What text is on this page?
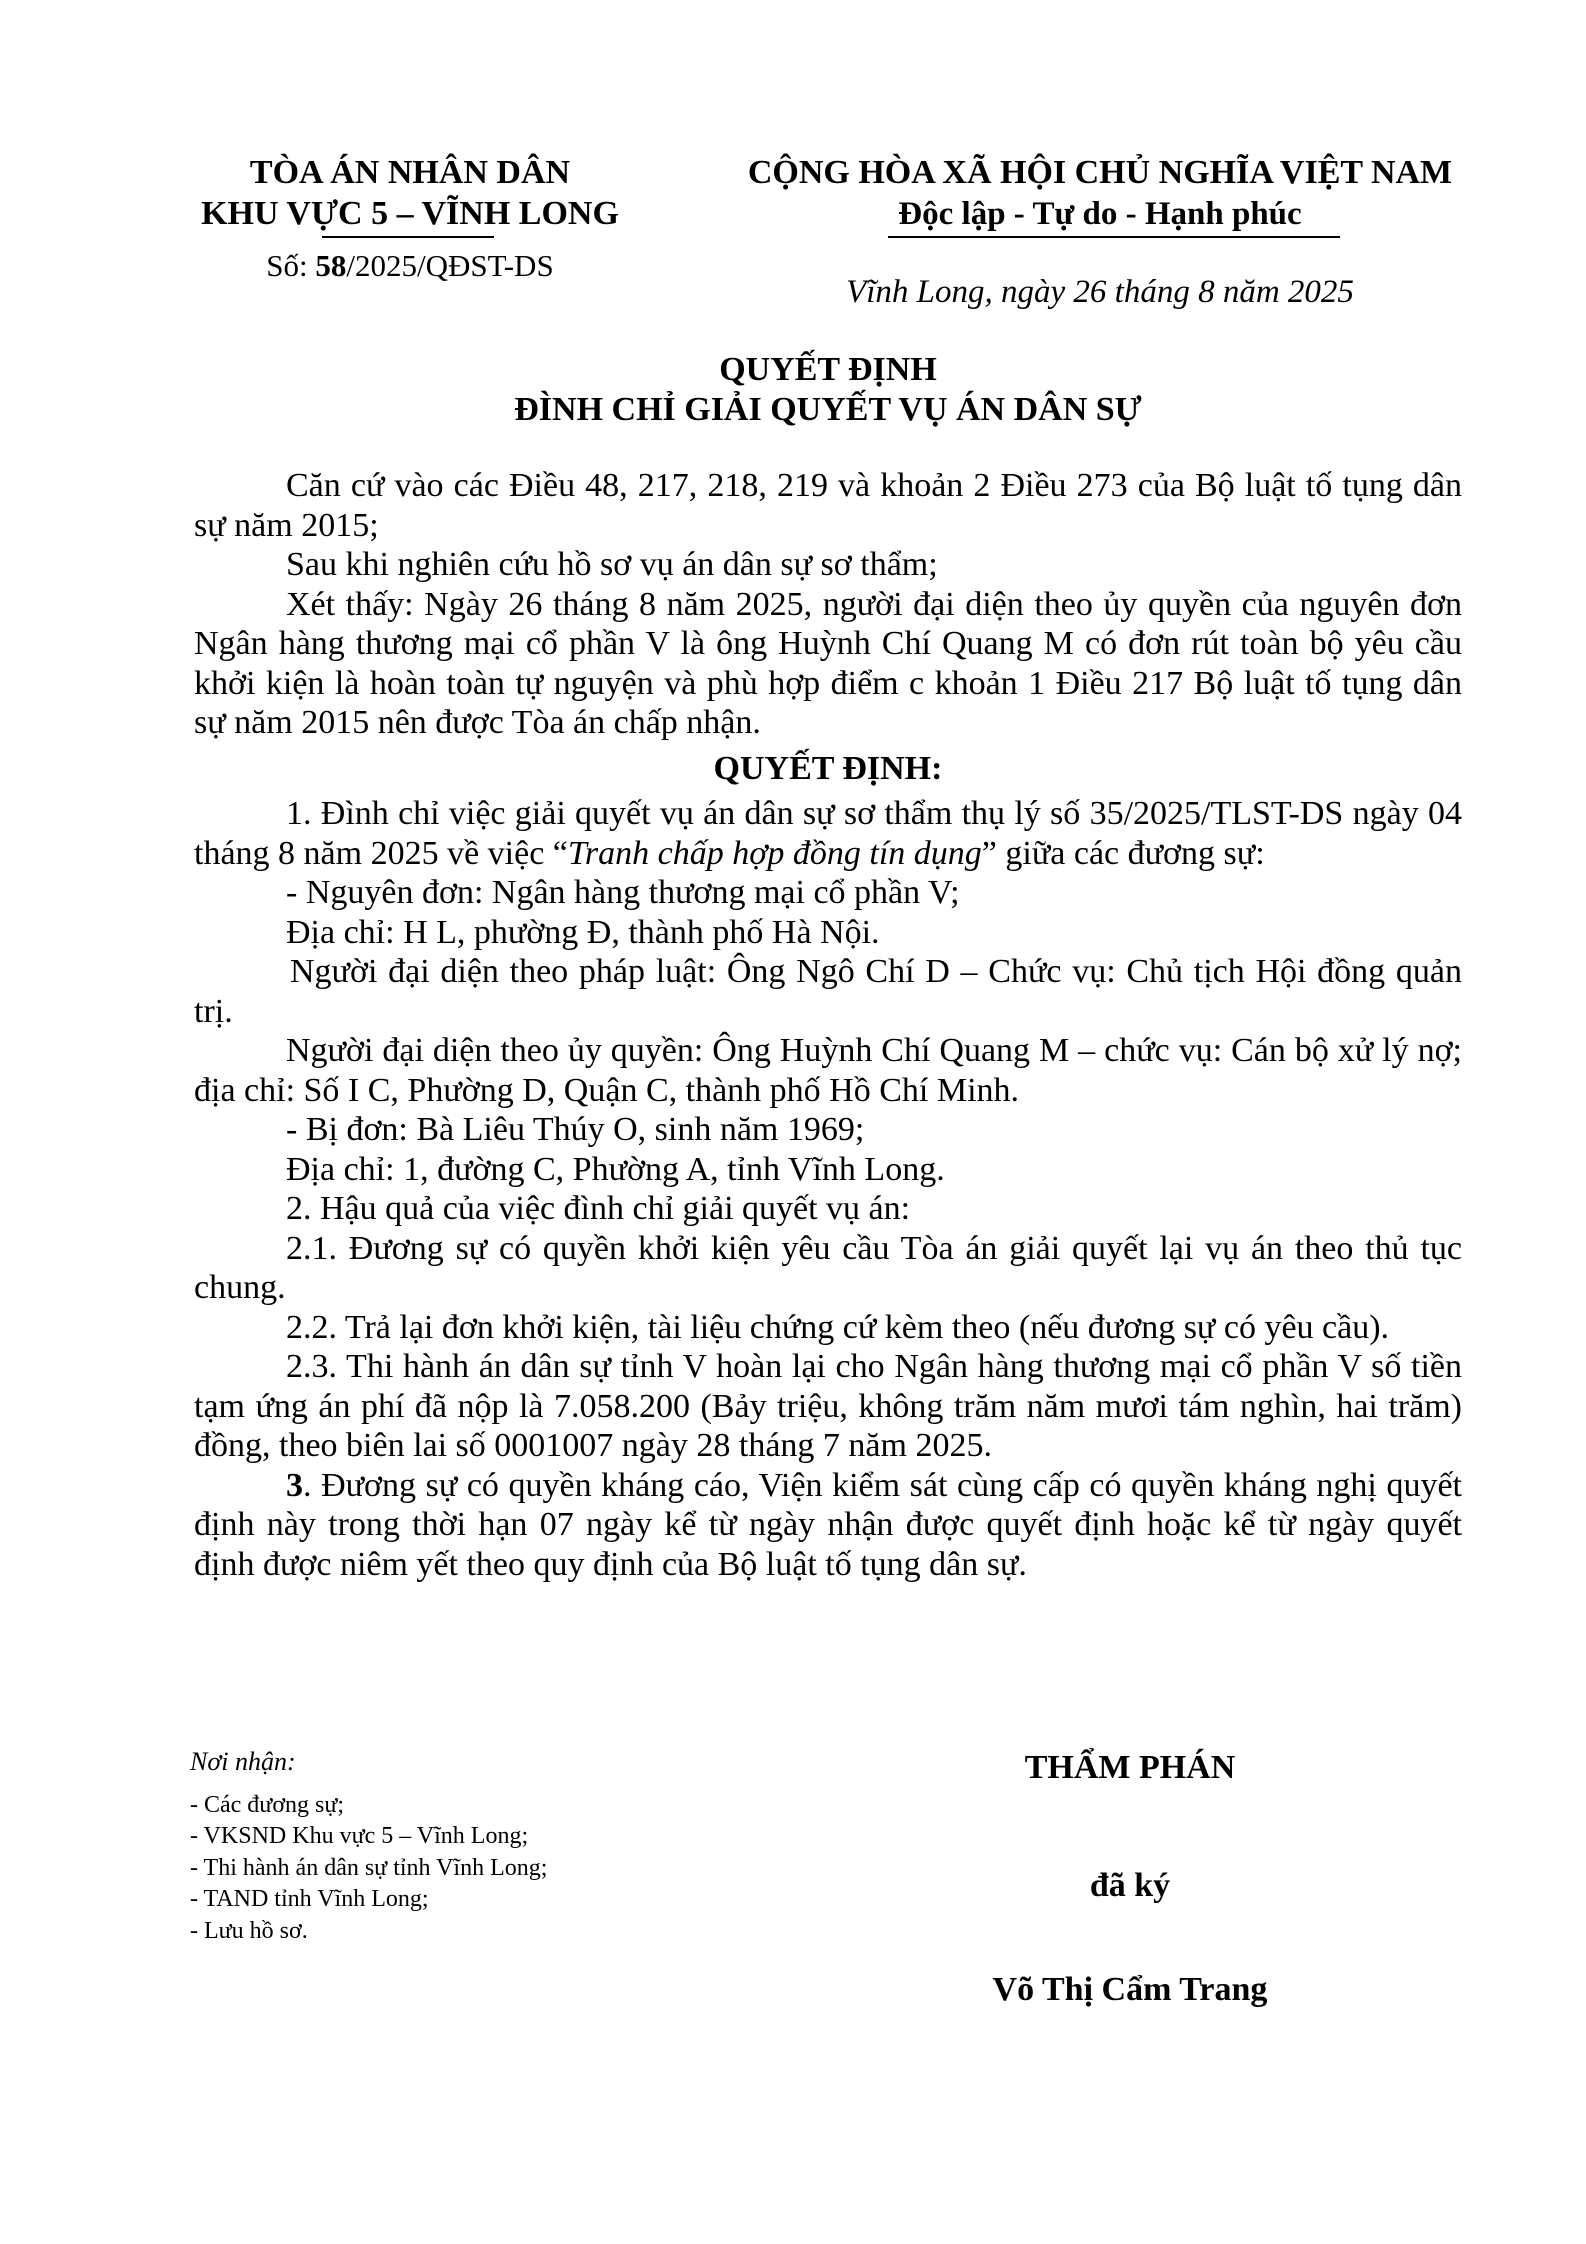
TÒA ÁN NHÂN DÂN
KHU VỰC 5 – VĨNH LONG
Số: 58/2025/QĐST-DS
CỘNG HÒA XÃ HỘI CHỦ NGHĨA VIỆT NAM
Độc lập - Tự do - Hạnh phúc
Vĩnh Long, ngày 26 tháng 8 năm 2025
QUYẾT ĐỊNH
ĐÌNH CHỈ GIẢI QUYẾT VỤ ÁN DÂN SỰ

Căn cứ vào các Điều 48, 217, 218, 219 và khoản 2 Điều 273 của Bộ luật tố tụng dân sự năm 2015;

Sau khi nghiên cứu hồ sơ vụ án dân sự sơ thẩm;

Xét thấy: Ngày 26 tháng 8 năm 2025, người đại diện theo ủy quyền của nguyên đơn Ngân hàng thương mại cổ phần V là ông Huỳnh Chí Quang M có đơn rút toàn bộ yêu cầu khởi kiện là hoàn toàn tự nguyện và phù hợp điểm c khoản 1 Điều 217 Bộ luật tố tụng dân sự năm 2015 nên được Tòa án chấp nhận.

QUYẾT ĐỊNH:

1. Đình chỉ việc giải quyết vụ án dân sự sơ thẩm thụ lý số 35/2025/TLST-DS ngày 04 tháng 8 năm 2025 về việc “Tranh chấp hợp đồng tín dụng” giữa các đương sự:

- Nguyên đơn: Ngân hàng thương mại cổ phần V;

Địa chỉ: H L, phường Đ, thành phố Hà Nội.

Người đại diện theo pháp luật: Ông Ngô Chí D – Chức vụ: Chủ tịch Hội đồng quản trị.

Người đại diện theo ủy quyền: Ông Huỳnh Chí Quang M – chức vụ: Cán bộ xử lý nợ; địa chỉ: Số I C, Phường D, Quận C, thành phố Hồ Chí Minh.

- Bị đơn: Bà Liêu Thúy O, sinh năm 1969;

Địa chỉ: 1, đường C, Phường A, tỉnh Vĩnh Long.

2. Hậu quả của việc đình chỉ giải quyết vụ án:

2.1. Đương sự có quyền khởi kiện yêu cầu Tòa án giải quyết lại vụ án theo thủ tục chung.

2.2. Trả lại đơn khởi kiện, tài liệu chứng cứ kèm theo (nếu đương sự có yêu cầu).

2.3. Thi hành án dân sự tỉnh V hoàn lại cho Ngân hàng thương mại cổ phần V số tiền tạm ứng án phí đã nộp là 7.058.200 (Bảy triệu, không trăm năm mươi tám nghìn, hai trăm) đồng, theo biên lai số 0001007 ngày 28 tháng 7 năm 2025.

3. Đương sự có quyền kháng cáo, Viện kiểm sát cùng cấp có quyền kháng nghị quyết định này trong thời hạn 07 ngày kể từ ngày nhận được quyết định hoặc kể từ ngày quyết định được niêm yết theo quy định của Bộ luật tố tụng dân sự.

Nơi nhận:

- Các đương sự;

- VKSND Khu vực 5 – Vĩnh Long;

- Thi hành án dân sự tỉnh Vĩnh Long;

- TAND tỉnh Vĩnh Long;

- Lưu hồ sơ.

THẨM PHÁN
đã ký
Võ Thị Cẩm Trang
